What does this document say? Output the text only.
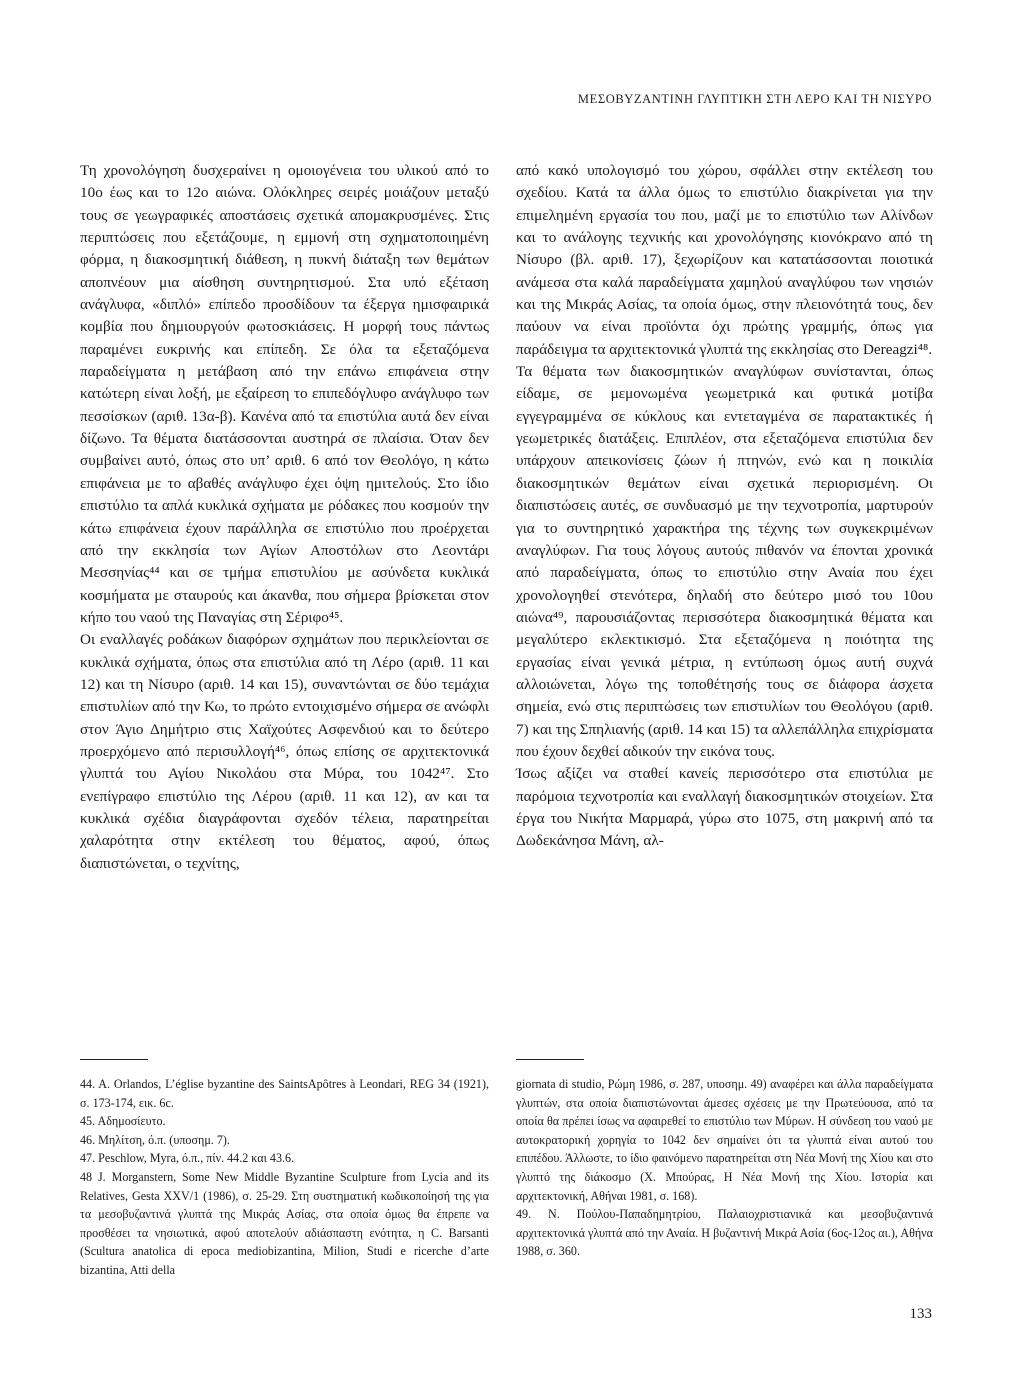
ΜΕΣΟΒΥΖΑΝΤΙΝΗ ΓΛΥΠΤΙΚΗ ΣΤΗ ΛΕΡΟ ΚΑΙ ΤΗ ΝΙΣΥΡΟ

Τη χρονολόγηση δυσχεραίνει η ομοιογένεια του υλικού από το 10ο έως και το 12ο αιώνα. Ολόκληρες σειρές μοιάζουν μεταξύ τους σε γεωγραφικές αποστάσεις σχετικά απομακρυσμένες. Στις περιπτώσεις που εξετάζουμε, η εμμονή στη σχηματοποιημένη φόρμα, η διακοσμητική διάθεση, η πυκνή διάταξη των θεμάτων αποπνέουν μια αίσθηση συντηρητισμού. Στα υπό εξέταση ανάγλυφα, «διπλό» επίπεδο προσδίδουν τα έξεργα ημισφαιρικά κομβία που δημιουργούν φωτοσκιάσεις. Η μορφή τους πάντως παραμένει ευκρινής και επίπεδη. Σε όλα τα εξεταζόμενα παραδείγματα η μετάβαση από την επάνω επιφάνεια στην κατώτερη είναι λοξή, με εξαίρεση το επιπεδόγλυφο ανάγλυφο των πεσσίσκων (αριθ. 13α-β). Κανένα από τα επιστύλια αυτά δεν είναι δίζωνο. Τα θέματα διατάσσονται αυστηρά σε πλαίσια. Όταν δεν συμβαίνει αυτό, όπως στο υπ’ αριθ. 6 από τον Θεολόγο, η κάτω επιφάνεια με το αβαθές ανάγλυφο έχει όψη ημιτελούς. Στο ίδιο επιστύλιο τα απλά κυκλικά σχήματα με ρόδακες που κοσμούν την κάτω επιφάνεια έχουν παράλληλα σε επιστύλιο που προέρχεται από την εκκλησία των Αγίων Αποστόλων στο Λεοντάρι Μεσσηνίας⁴⁴ και σε τμήμα επιστυλίου με ασύνδετα κυκλικά κοσμήματα με σταυρούς και άκανθα, που σήμερα βρίσκεται στον κήπο του ναού της Παναγίας στη Σέριφο⁴⁵.

Οι εναλλαγές ροδάκων διαφόρων σχημάτων που περικλείονται σε κυκλικά σχήματα, όπως στα επιστύλια από τη Λέρο (αριθ. 11 και 12) και τη Νίσυρο (αριθ. 14 και 15), συναντώνται σε δύο τεμάχια επιστυλίων από την Κω, το πρώτο εντοιχισμένο σήμερα σε ανώφλι στον Άγιο Δημήτριο στις Χαϊχούτες Ασφενδιού και το δεύτερο προερχόμενο από περισυλλογή⁴⁶, όπως επίσης σε αρχιτεκτονικά γλυπτά του Αγίου Νικολάου στα Μύρα, του 1042⁴⁷. Στο ενεπίγραφο επιστύλιο της Λέρου (αριθ. 11 και 12), αν και τα κυκλικά σχέδια διαγράφονται σχεδόν τέλεια, παρατηρείται χαλαρότητα στην εκτέλεση του θέματος, αφού, όπως διαπιστώνεται, ο τεχνίτης,

από κακό υπολογισμό του χώρου, σφάλλει στην εκτέλεση του σχεδίου. Κατά τα άλλα όμως το επιστύλιο διακρίνεται για την επιμελημένη εργασία του που, μαζί με το επιστύλιο των Αλίνδων και το ανάλογης τεχνικής και χρονολόγησης κιονόκρανο από τη Νίσυρο (βλ. αριθ. 17), ξεχωρίζουν και κατατάσσονται ποιοτικά ανάμεσα στα καλά παραδείγματα χαμηλού αναγλύφου των νησιών και της Μικράς Ασίας, τα οποία όμως, στην πλειονότητά τους, δεν παύουν να είναι προϊόντα όχι πρώτης γραμμής, όπως για παράδειγμα τα αρχιτεκτονικά γλυπτά της εκκλησίας στο Dereagzi⁴⁸.

Τα θέματα των διακοσμητικών αναγλύφων συνίστανται, όπως είδαμε, σε μεμονωμένα γεωμετρικά και φυτικά μοτίβα εγγεγραμμένα σε κύκλους και εντεταγμένα σε παρατακτικές ή γεωμετρικές διατάξεις. Επιπλέον, στα εξεταζόμενα επιστύλια δεν υπάρχουν απεικονίσεις ζώων ή πτηνών, ενώ και η ποικιλία διακοσμητικών θεμάτων είναι σχετικά περιορισμένη. Οι διαπιστώσεις αυτές, σε συνδυασμό με την τεχνοτροπία, μαρτυρούν για το συντηρητικό χαρακτήρα της τέχνης των συγκεκριμένων αναγλύφων. Για τους λόγους αυτούς πιθανόν να έπονται χρονικά από παραδείγματα, όπως το επιστύλιο στην Αναία που έχει χρονολογηθεί στενότερα, δηλαδή στο δεύτερο μισό του 10ου αιώνα⁴⁹, παρουσιάζοντας περισσότερα διακοσμητικά θέματα και μεγαλύτερο εκλεκτικισμό. Στα εξεταζόμενα η ποιότητα της εργασίας είναι γενικά μέτρια, η εντύπωση όμως αυτή συχνά αλλοιώνεται, λόγω της τοποθέτησής τους σε διάφορα άσχετα σημεία, ενώ στις περιπτώσεις των επιστυλίων του Θεολόγου (αριθ. 7) και της Σπηλιανής (αριθ. 14 και 15) τα αλλεπάλληλα επιχρίσματα που έχουν δεχθεί αδικούν την εικόνα τους.

Ίσως αξίζει να σταθεί κανείς περισσότερο στα επιστύλια με παρόμοια τεχνοτροπία και εναλλαγή διακοσμητικών στοιχείων. Στα έργα του Νικήτα Μαρμαρά, γύρω στο 1075, στη μακρινή από τα Δωδεκάνησα Μάνη, αλ-

44. A. Orlandos, L’église byzantine des SaintsApôtres à Leondari, REG 34 (1921), σ. 173-174, εικ. 6c.

45. Αδημοσίευτο.

46. Μηλίτση, ό.π. (υποσημ. 7).

47. Peschlow, Myra, ό.π., πίν. 44.2 και 43.6.

48 J. Morganstern, Some New Middle Byzantine Sculpture from Lycia and its Relatives, Gesta XXV/1 (1986), σ. 25-29. Στη συστηματική κωδικοποίησή της για τα μεσοβυζαντινά γλυπτά της Μικράς Ασίας, στα οποία όμως θα έπρεπε να προσθέσει τα νησιωτικά, αφού αποτελούν αδιάσπαστη ενότητα, η C. Barsanti (Scultura anatolica di epoca mediobizantina, Milion, Studi e ricerche d’arte bizantina, Atti della

giornata di studio, Ρώμη 1986, σ. 287, υποσημ. 49) αναφέρει και άλλα παραδείγματα γλυπτών, στα οποία διαπιστώνονται άμεσες σχέσεις με την Πρωτεύουσα, από τα οποία θα πρέπει ίσως να αφαιρεθεί το επιστύλιο των Μύρων. Η σύνδεση του ναού με αυτοκρατορική χορηγία το 1042 δεν σημαίνει ότι τα γλυπτά είναι αυτού του επιπέδου. Άλλωστε, το ίδιο φαινόμενο παρατηρείται στη Νέα Μονή της Χίου και στο γλυπτό της διάκοσμο (Χ. Μπούρας, Η Νέα Μονή της Χίου. Ιστορία και αρχιτεκτονική, Αθήναι 1981, σ. 168).

49. Ν. Πούλου-Παπαδημητρίου, Παλαιοχριστιανικά και μεσοβυζαντινά αρχιτεκτονικά γλυπτά από την Αναία. Η βυζαντινή Μικρά Ασία (6ος-12ος αι.), Αθήνα 1988, σ. 360.

133
